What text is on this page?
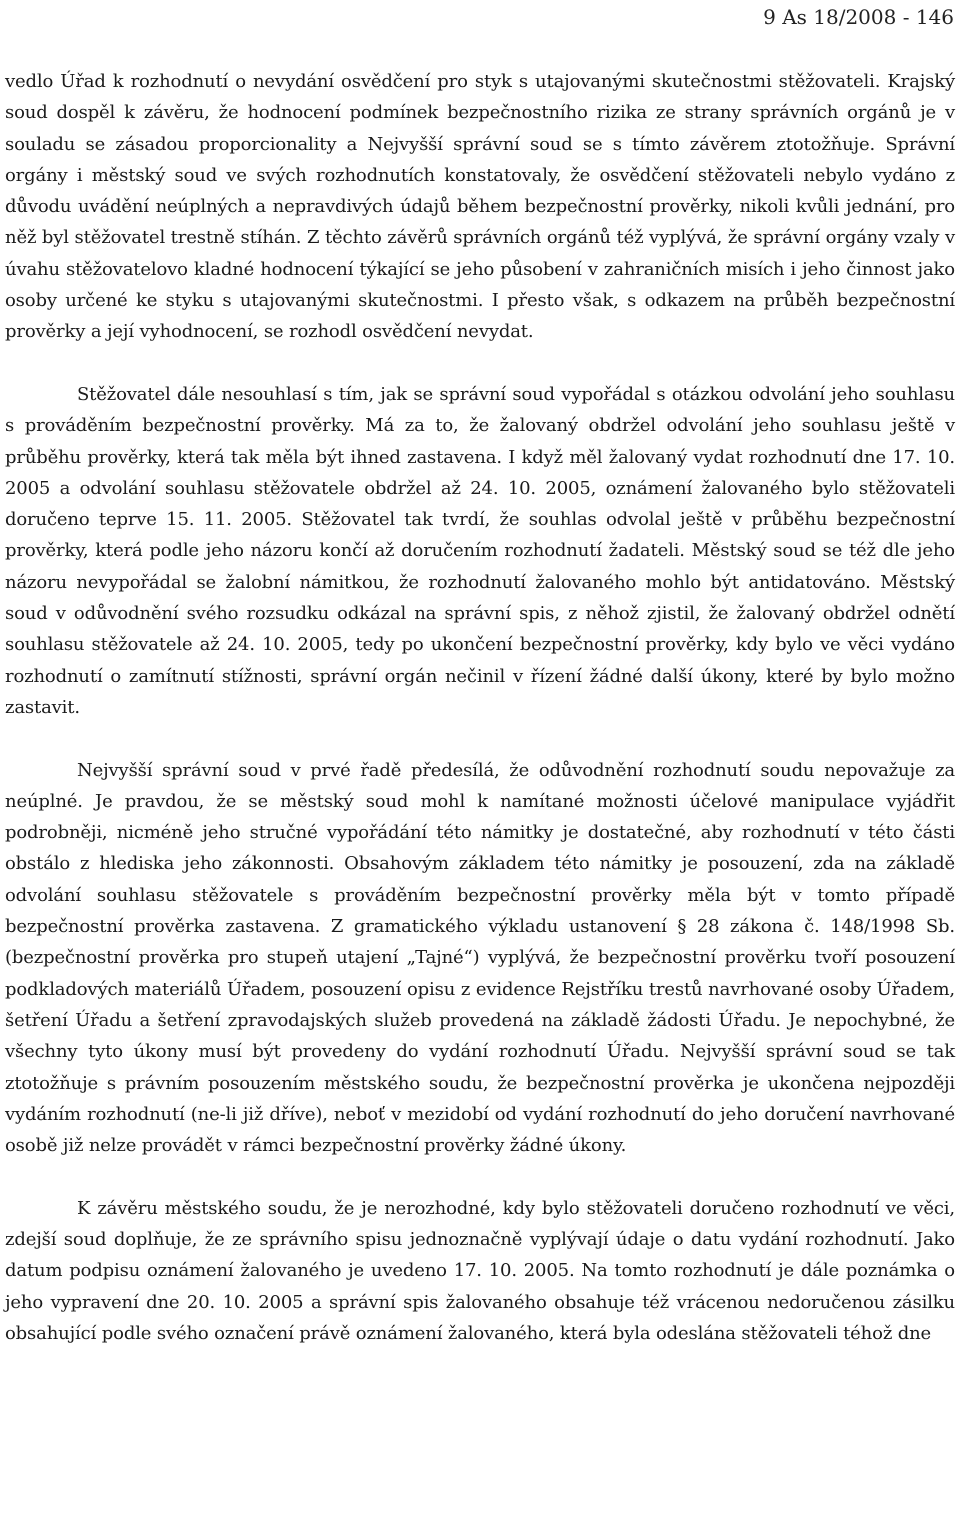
9 As 18/2008 - 146

vedlo Úřad k rozhodnutí o nevydání osvědčení pro styk s utajovanými skutečnostmi stěžovateli. Krajský soud dospěl k závěru, že hodnocení podmínek bezpečnostního rizika ze strany správních orgánů je v souladu se zásadou proporcionality a Nejvyšší správní soud se s tímto závěrem ztotožňuje. Správní orgány i městský soud ve svých rozhodnutích konstatovaly, že osvědčení stěžovateli nebylo vydáno z důvodu uvádění neúplných a nepravdivých údajů během bezpečnostní prověrky, nikoli kvůli jednání, pro něž byl stěžovatel trestně stíhán. Z těchto závěrů správních orgánů též vyplývá, že správní orgány vzaly v úvahu stěžovatelovo kladné hodnocení týkající se jeho působení v zahraničních misích i jeho činnost jako osoby určené ke styku s utajovanými skutečnostmi. I přesto však, s odkazem na průběh bezpečnostní prověrky a její vyhodnocení, se rozhodl osvědčení nevydat.

Stěžovatel dále nesouhlasí s tím, jak se správní soud vypořádal s otázkou odvolání jeho souhlasu s prováděním bezpečnostní prověrky. Má za to, že žalovaný obdržel odvolání jeho souhlasu ještě v průběhu prověrky, která tak měla být ihned zastavena. I když měl žalovaný vydat rozhodnutí dne 17. 10. 2005 a odvolání souhlasu stěžovatele obdržel až 24. 10. 2005, oznámení žalovaného bylo stěžovateli doručeno teprve 15. 11. 2005. Stěžovatel tak tvrdí, že souhlas odvolal ještě v průběhu bezpečnostní prověrky, která podle jeho názoru končí až doručením rozhodnutí žadateli. Městský soud se též dle jeho názoru nevypořádal se žalobní námitkou, že rozhodnutí žalovaného mohlo být antidatováno. Městský soud v odůvodnění svého rozsudku odkázal na správní spis, z něhož zjistil, že žalovaný obdržel odnětí souhlasu stěžovatele až 24. 10. 2005, tedy po ukončení bezpečnostní prověrky, kdy bylo ve věci vydáno rozhodnutí o zamítnutí stížnosti, správní orgán nečinil v řízení žádné další úkony, které by bylo možno zastavit.

Nejvyšší správní soud v prvé řadě předesílá, že odůvodnění rozhodnutí soudu nepovažuje za neúplné. Je pravdou, že se městský soud mohl k namítané možnosti účelové manipulace vyjádřit podrobněji, nicméně jeho stručné vypořádání této námitky je dostatečné, aby rozhodnutí v této části obstálo z hlediska jeho zákonnosti. Obsahovým základem této námitky je posouzení, zda na základě odvolání souhlasu stěžovatele s prováděním bezpečnostní prověrky měla být v tomto případě bezpečnostní prověrka zastavena. Z gramatického výkladu ustanovení § 28 zákona č. 148/1998 Sb. (bezpečnostní prověrka pro stupeň utajení „Tajné“) vyplývá, že bezpečnostní prověrku tvoří posouzení podkladových materiálů Úřadem, posouzení opisu z evidence Rejstříku trestů navrhované osoby Úřadem, šetření Úřadu a šetření zpravodajských služeb provedená na základě žádosti Úřadu. Je nepochybné, že všechny tyto úkony musí být provedeny do vydání rozhodnutí Úřadu. Nejvyšší správní soud se tak ztotožňuje s právním posouzením městského soudu, že bezpečnostní prověrka je ukončena nejpozději vydáním rozhodnutí (ne-li již dříve), neboť v mezidobí od vydání rozhodnutí do jeho doručení navrhované osobě již nelze provádět v rámci bezpečnostní prověrky žádné úkony.

K závěru městského soudu, že je nerozhodné, kdy bylo stěžovateli doručeno rozhodnutí ve věci, zdejší soud doplňuje, že ze správního spisu jednoznačně vyplývají údaje o datu vydání rozhodnutí. Jako datum podpisu oznámení žalovaného je uvedeno 17. 10. 2005. Na tomto rozhodnutí je dále poznámka o jeho vypravení dne 20. 10. 2005 a správní spis žalovaného obsahuje též vrácenou nedoručenou zásilku obsahující podle svého označení právě oznámení žalovaného, která byla odeslána stěžovateli téhož dne
